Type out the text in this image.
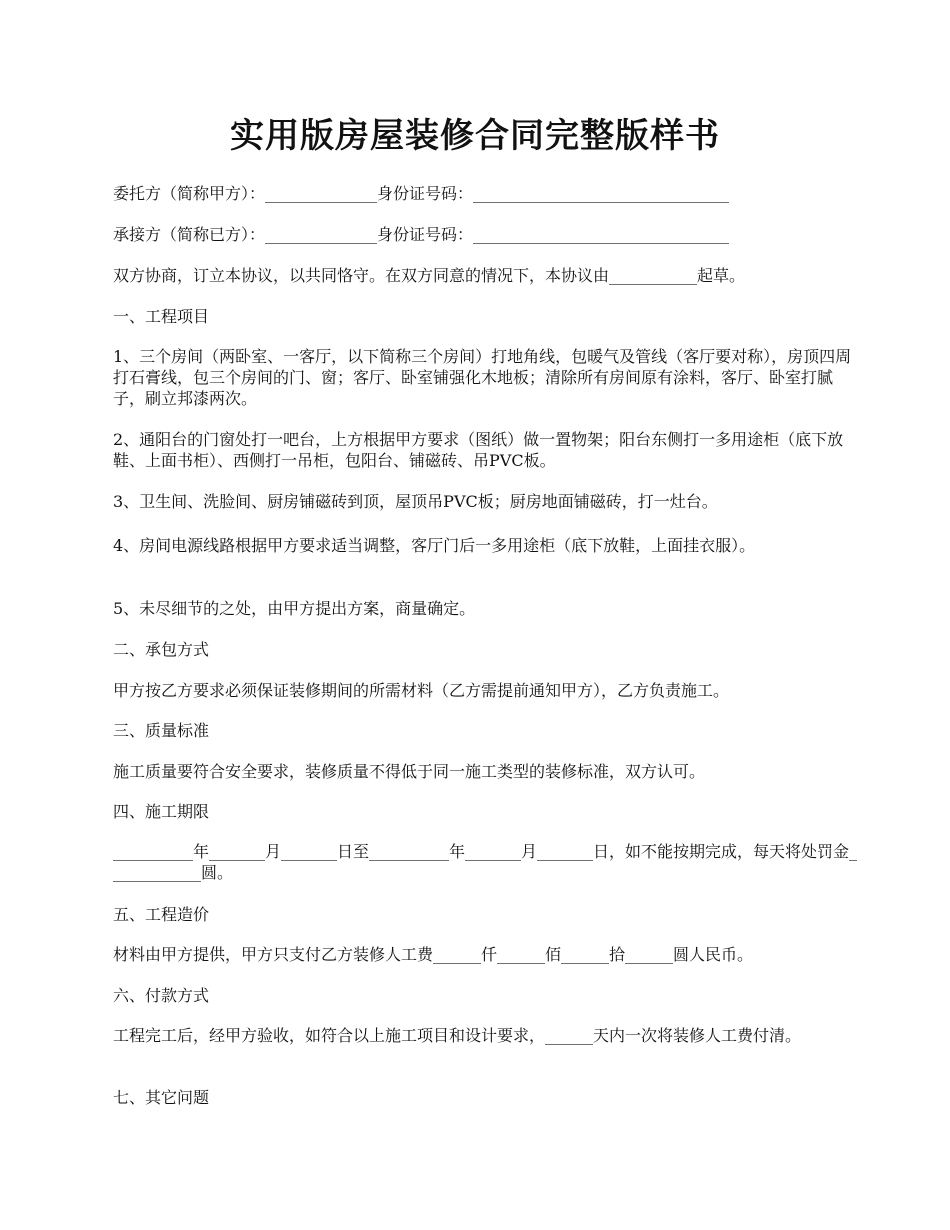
实用版房屋装修合同完整版样书

委托方（简称甲方）：______________身份证号码：________________________________

承接方（简称已方）：______________身份证号码：________________________________

双方协商，订立本协议，以共同恪守。在双方同意的情况下，本协议由___________起草。

一、工程项目

1、三个房间（两卧室、一客厅，以下简称三个房间）打地角线，包暖气及管线（客厅要对称），房顶四周打石膏线，包三个房间的门、窗；客厅、卧室铺强化木地板；清除所有房间原有涂料，客厅、卧室打腻子，刷立邦漆两次。

2、通阳台的门窗处打一吧台，上方根据甲方要求（图纸）做一置物架；阳台东侧打一多用途柜（底下放鞋、上面书柜）、西侧打一吊柜，包阳台、铺磁砖、吊PVC板。

3、卫生间、洗脸间、厨房铺磁砖到顶，屋顶吊PVC板；厨房地面铺磁砖，打一灶台。

4、房间电源线路根据甲方要求适当调整，客厅门后一多用途柜（底下放鞋，上面挂衣服）。

5、未尽细节的之处，由甲方提出方案，商量确定。

二、承包方式

甲方按乙方要求必须保证装修期间的所需材料（乙方需提前通知甲方），乙方负责施工。

三、质量标准

施工质量要符合安全要求，装修质量不得低于同一施工类型的装修标准，双方认可。

四、施工期限

__________年_______月_______日至__________年_______月_______日，如不能按期完成，每天将处罚金____________圆。

五、工程造价

材料由甲方提供，甲方只支付乙方装修人工费______仟______佰______拾______圆人民币。

六、付款方式

工程完工后，经甲方验收，如符合以上施工项目和设计要求，______天内一次将装修人工费付清。

七、其它问题
